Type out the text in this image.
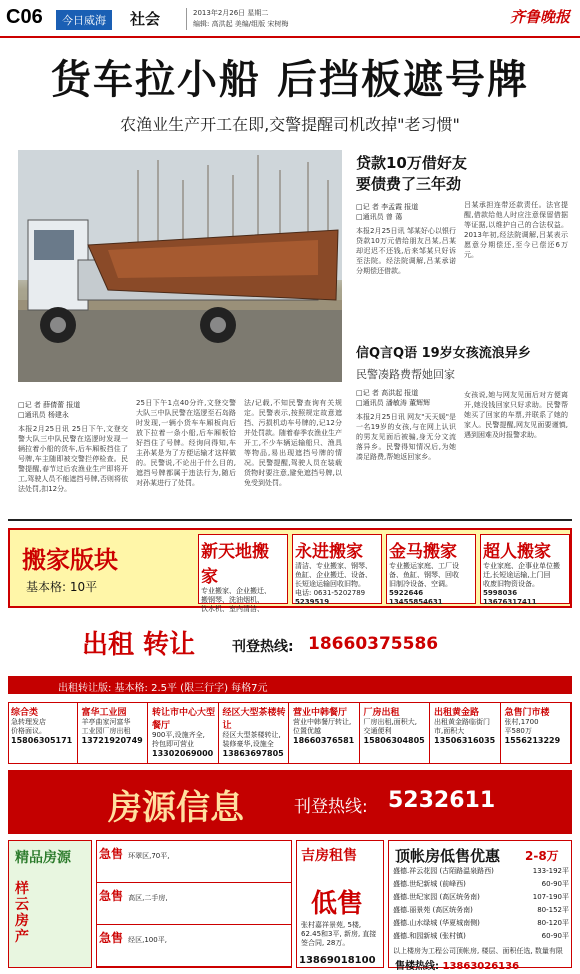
C06	今日威海	社会	2013年2月26日 星期二
编辑: 高洪起 美编/组版 宋树梅	齐鲁晚报
货车拉小船 后挡板遮号牌
农渔业生产开工在即,交警提醒司机改掉"老习惯"
□记 者 薛倩蕾 报道
□通讯员 杨建永
本报2月25日讯 25日下午,文登交警大队三中队民警在巡逻时发现一辆拉着小船的货车,后车厢板挡住了号牌,车主随即被交警拦停检查。民警提醒,春节过后农渔业生产即将开工,驾驶人员不能遮挡号牌,否则将依法处罚,扣12分。
25日下午1点40分许,文登交警大队三中队民警在巡逻至石岛路时发现,一辆小货车车厢板向后放下拉着一条小船,后车厢板恰好挡住了号牌。经询问得知,车主孙某是为了方便运输才这样做的。民警说,不论出于什么目的,遮挡号牌都属于违法行为,随后对孙某进行了处罚。
法/记载,不知民警查询有关规定。民警表示,按照规定故意遮挡、污损机动车号牌的,记12分并处罚款。随着春季农渔业生产开工,不少车辆运输船只、渔具等物品,易出现遮挡号牌的情况。民警提醒,驾驶人员在装载货物时要注意,避免遮挡号牌,以免受到处罚。
贷款10万借好友
要债费了三年劲
□记 者 李孟霞 报道
□通讯员 曾 蔼
本报2月25日讯 邹某好心以银行贷款10万元借给朋友吕某,吕某却迟迟不还钱,后来邹某只好诉至法院。经法院调解,吕某承诺分期偿还借款。
吕某承担连带还款责任。法官提醒,借款给他人时应注意保留借据等证据,以维护自己的合法权益。2013年初,经法院调解,吕某表示愿意分期偿还,至今已偿还6万元。
信Q言Q语 19岁女孩流浪异乡
民警凑路费帮她回家
□记 者 高洪起 报道
□通讯员 潘敏涛 董辉辉
本报2月25日讯 网友"天天媛"是一名19岁的女孩,与在网上认识的男友见面后被骗,身无分文流落异乡。民警得知情况后,为她凑足路费,帮她返回家乡。
女孩说,她与网友见面后对方便离开,她没钱回家只好求助。民警帮她买了回家的车票,并联系了她的家人。民警提醒,网友见面要谨慎,遇到困难及时报警求助。
搬家版块
基本格: 10平
新天地搬家
专业搬家、企业搬迁、
搬钢琴、洗油烟机、
饮水机、室内清洁、
永进搬家
清洁、专业搬家、钢琴、
鱼缸、企业搬迁、设备、
长短途运输回收旧物。
电话: 0631-5202789
5239519
金马搬家
专业搬运家庭、工厂设
备、鱼缸、钢琴、回收
旧制冷设备、空调。
5922646 13455854631
超人搬家
专业家庭、企事业单位搬
迁,长短途运输,上门回
收废旧物资设备。
5998036 13676317411
出租 转让	刊登热线: 18660375586
出租转让版: 基本格: 2.5平 (限三行字) 每格7元
综合类
急转理发店
价格面议。
15806305171
富华工业园
羊亭曲家河富华
工业园厂房出租
13721920749
转让市中心大型餐厅
900平,设施齐全,
拎包即可营业
13302069000
经区大型茶楼转让
经区大型茶楼转让,
装修豪华,设施全
13863697805
营业中韩餐厅
营业中韩餐厅转让,
位置优越
18660376581
厂房出租
厂房出租,面积大,
交通便利
15806304805
出租黄金路
出租黄金路临街门
市,面积大
13506316035
急售门市楼
张村,1700
平580万
1556213229
房源信息	刊登热线: 5232611
精品房源
样云房产
急售 环翠区,70平,
急售 高区,二手房,
急售 经区,100平,
吉房租售
低售
张村嘉祥景苑, 5楼, 62.45和3平, 新房, 直接签合同, 28万。
13869018100
顶帐房低售优惠 2-8万
盛德.祥云花园 (古陌路温泉路西)	133-192平
盛德.世纪新城 (前峰西)	60-90平
盛德.世纪家园 (高区统务南)	107-190平
盛德.丽景苑 (高区统务南)	80-152平
盛德.山水绿城 (华夏城南侧)	80-120平
盛德.和园新城 (张村镇)	60-90平
以上楼房为工程公司顶帐房, 楼层、面积任选, 数量有限
售楼热线: 13863026136
